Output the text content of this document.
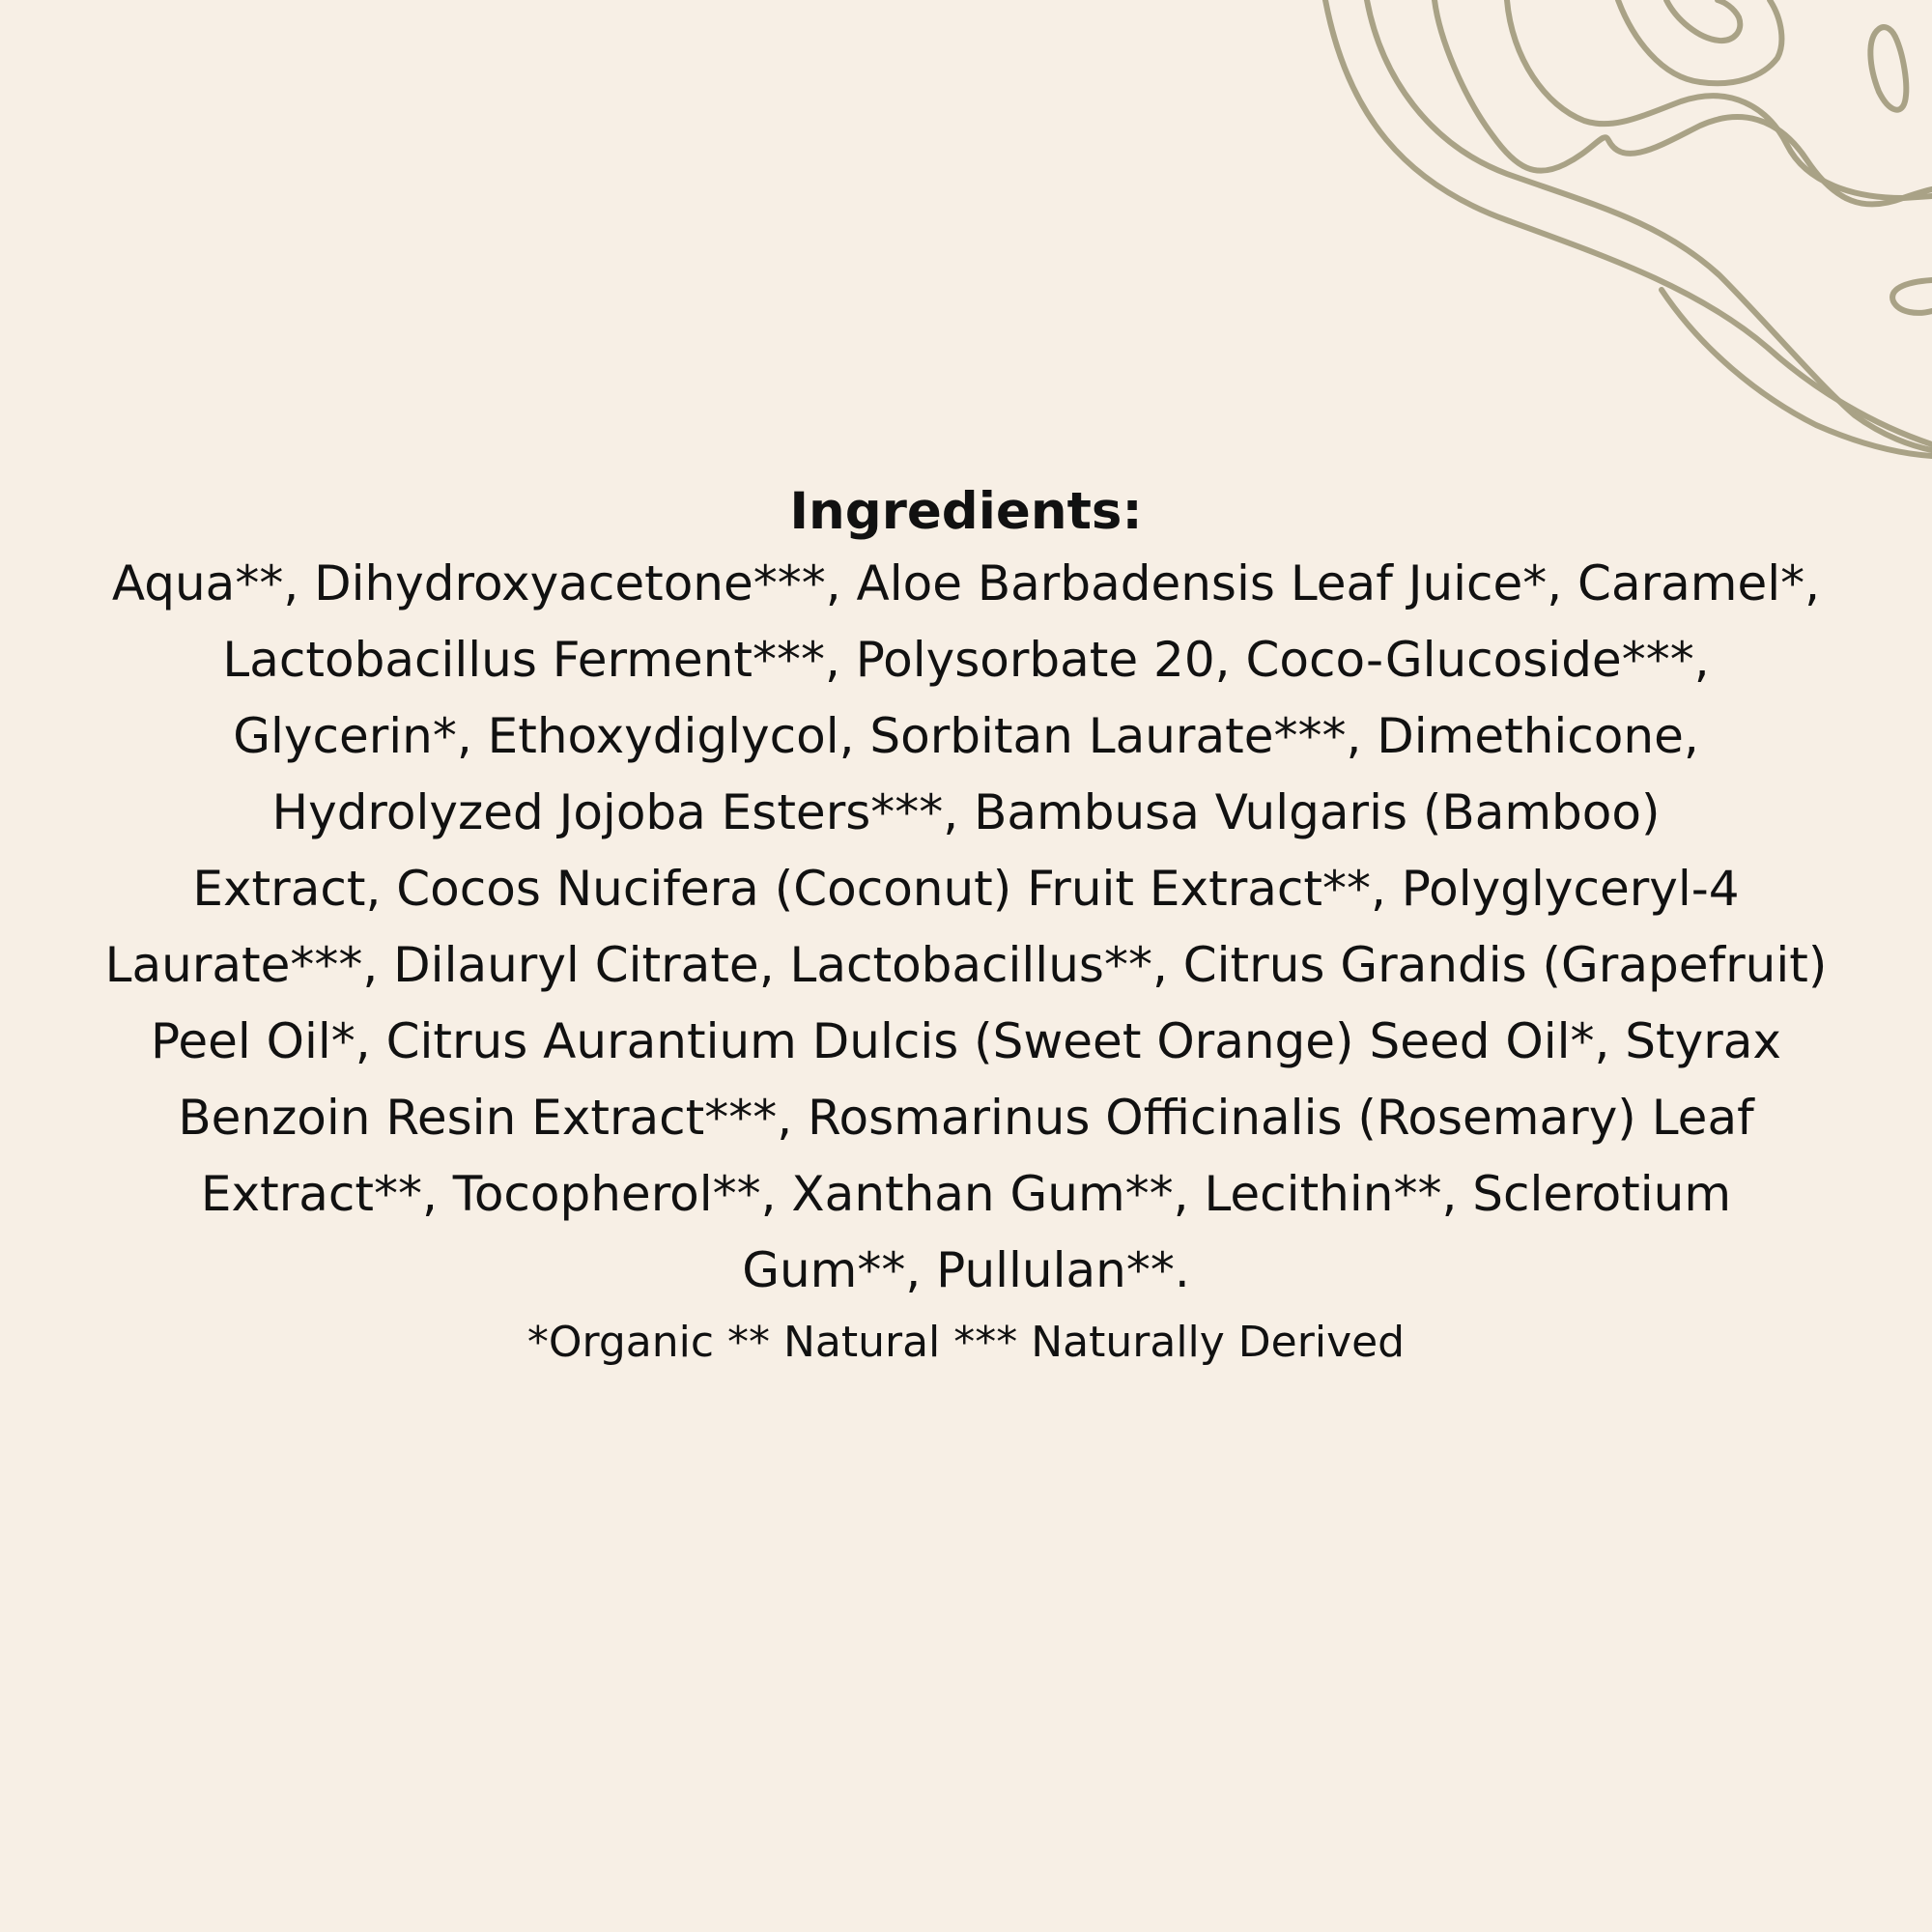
Ingredients:

Aqua**, Dihydroxyacetone***, Aloe Barbadensis Leaf Juice*, Caramel*,
Lactobacillus Ferment***, Polysorbate 20, Coco-Glucoside***,
Glycerin*, Ethoxydiglycol, Sorbitan Laurate***, Dimethicone,
Hydrolyzed Jojoba Esters***, Bambusa Vulgaris (Bamboo)
Extract, Cocos Nucifera (Coconut) Fruit Extract**, Polyglyceryl-4
Laurate***, Dilauryl Citrate, Lactobacillus**, Citrus Grandis (Grapefruit)
Peel Oil*, Citrus Aurantium Dulcis (Sweet Orange) Seed Oil*, Styrax
Benzoin Resin Extract***, Rosmarinus Officinalis (Rosemary) Leaf
Extract**, Tocopherol**, Xanthan Gum**, Lecithin**, Sclerotium
Gum**, Pullulan**.

*Organic ** Natural *** Naturally Derived
